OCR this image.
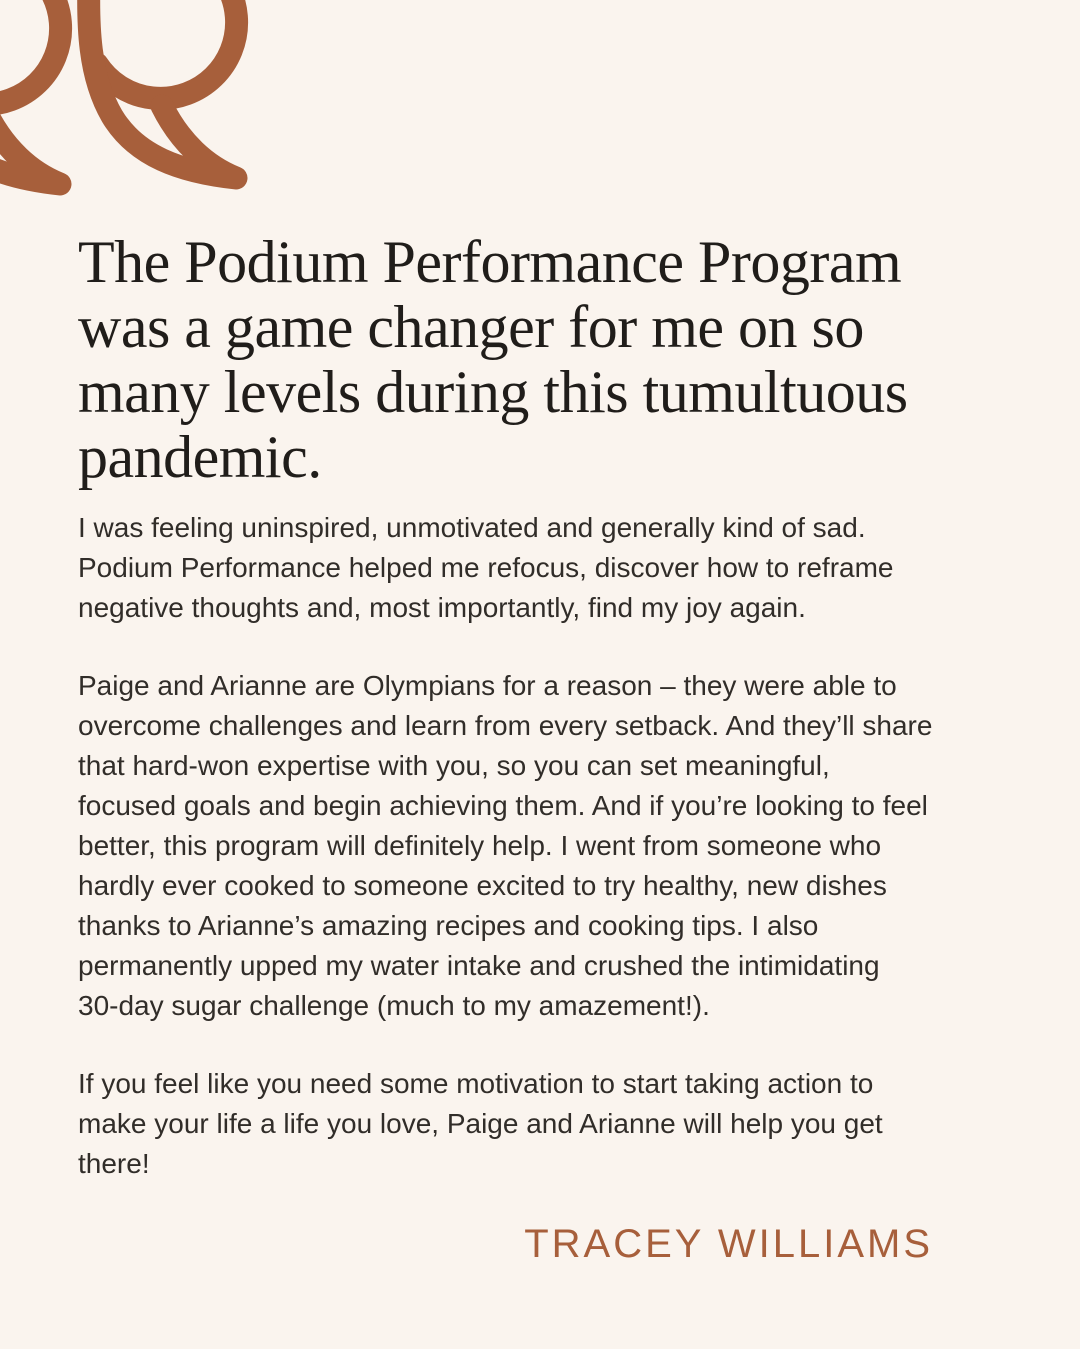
The Podium Performance Program
was a game changer for me on so
many levels during this tumultuous
pandemic.
I was feeling uninspired, unmotivated and generally kind of sad.
Podium Performance helped me refocus, discover how to reframe
negative thoughts and, most importantly, find my joy again.
Paige and Arianne are Olympians for a reason – they were able to
overcome challenges and learn from every setback. And they’ll share
that hard-won expertise with you, so you can set meaningful,
focused goals and begin achieving them. And if you’re looking to feel
better, this program will definitely help. I went from someone who
hardly ever cooked to someone excited to try healthy, new dishes
thanks to Arianne’s amazing recipes and cooking tips. I also
permanently upped my water intake and crushed the intimidating
30-day sugar challenge (much to my amazement!).
If you feel like you need some motivation to start taking action to
make your life a life you love, Paige and Arianne will help you get
there!
TRACEY WILLIAMS
